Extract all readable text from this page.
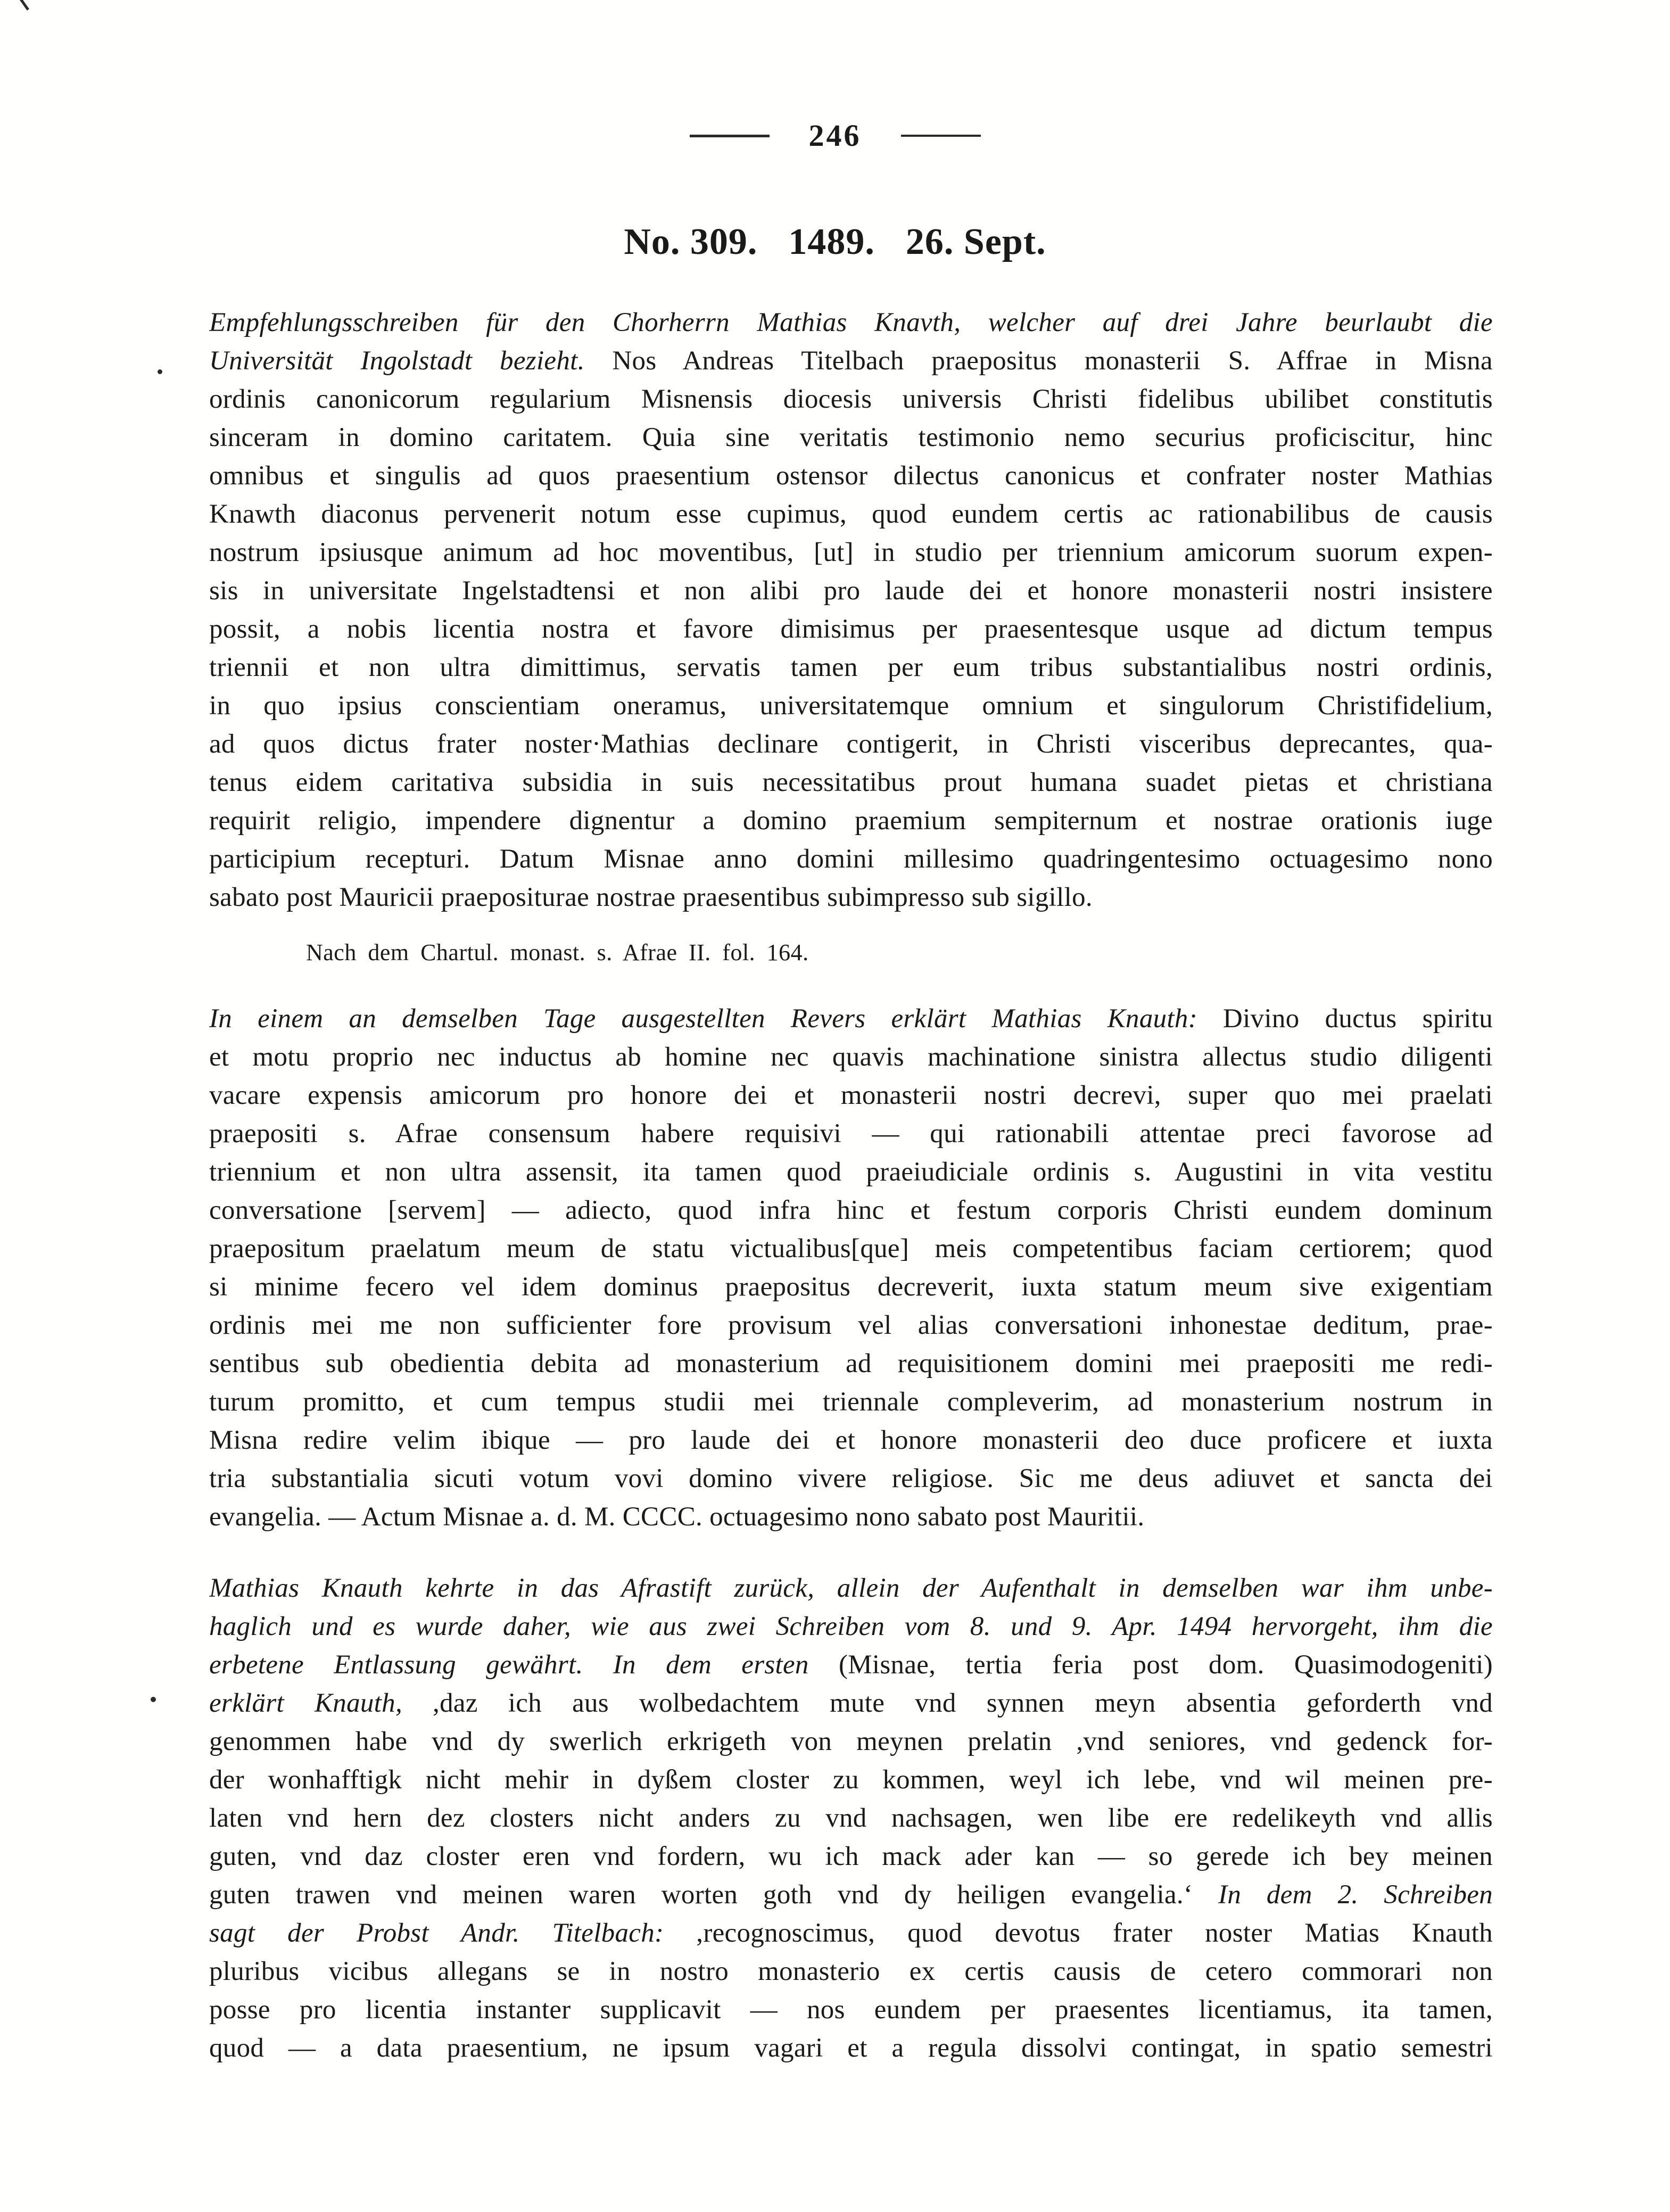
246
No. 309. 1489. 26. Sept.
Empfehlungsschreiben für den Chorherrn Mathias Knavth, welcher auf drei Jahre beurlaubt die
Universität Ingolstadt bezieht. Nos Andreas Titelbach praepositus monasterii S. Affrae in Misna
ordinis canonicorum regularium Misnensis diocesis universis Christi fidelibus ubilibet constitutis
sinceram in domino caritatem. Quia sine veritatis testimonio nemo securius proficiscitur, hinc
omnibus et singulis ad quos praesentium ostensor dilectus canonicus et confrater noster Mathias
Knawth diaconus pervenerit notum esse cupimus, quod eundem certis ac rationabilibus de causis
nostrum ipsiusque animum ad hoc moventibus, [ut] in studio per triennium amicorum suorum expen-
sis in universitate Ingelstadtensi et non alibi pro laude dei et honore monasterii nostri insistere
possit, a nobis licentia nostra et favore dimisimus per praesentesque usque ad dictum tempus
triennii et non ultra dimittimus, servatis tamen per eum tribus substantialibus nostri ordinis,
in quo ipsius conscientiam oneramus, universitatemque omnium et singulorum Christifidelium,
ad quos dictus frater noster·Mathias declinare contigerit, in Christi visceribus deprecantes, qua-
tenus eidem caritativa subsidia in suis necessitatibus prout humana suadet pietas et christiana
requirit religio, impendere dignentur a domino praemium sempiternum et nostrae orationis iuge
participium recepturi. Datum Misnae anno domini millesimo quadringentesimo octuagesimo nono
sabato post Mauricii praepositurae nostrae praesentibus subimpresso sub sigillo.
Nach dem Chartul. monast. s. Afrae II. fol. 164.
In einem an demselben Tage ausgestellten Revers erklärt Mathias Knauth: Divino ductus spiritu
et motu proprio nec inductus ab homine nec quavis machinatione sinistra allectus studio diligenti
vacare expensis amicorum pro honore dei et monasterii nostri decrevi, super quo mei praelati
praepositi s. Afrae consensum habere requisivi — qui rationabili attentae preci favorose ad
triennium et non ultra assensit, ita tamen quod praeiudiciale ordinis s. Augustini in vita vestitu
conversatione [servem] — adiecto, quod infra hinc et festum corporis Christi eundem dominum
praepositum praelatum meum de statu victualibus[que] meis competentibus faciam certiorem; quod
si minime fecero vel idem dominus praepositus decreverit, iuxta statum meum sive exigentiam
ordinis mei me non sufficienter fore provisum vel alias conversationi inhonestae deditum, prae-
sentibus sub obedientia debita ad monasterium ad requisitionem domini mei praepositi me redi-
turum promitto, et cum tempus studii mei triennale compleverim, ad monasterium nostrum in
Misna redire velim ibique — pro laude dei et honore monasterii deo duce proficere et iuxta
tria substantialia sicuti votum vovi domino vivere religiose. Sic me deus adiuvet et sancta dei
evangelia. — Actum Misnae a. d. M. CCCC. octuagesimo nono sabato post Mauritii.
Mathias Knauth kehrte in das Afrastift zurück, allein der Aufenthalt in demselben war ihm unbe-
haglich und es wurde daher, wie aus zwei Schreiben vom 8. und 9. Apr. 1494 hervorgeht, ihm die
erbetene Entlassung gewährt. In dem ersten (Misnae, tertia feria post dom. Quasimodogeniti)
erklärt Knauth, ,daz ich aus wolbedachtem mute vnd synnen meyn absentia geforderth vnd
genommen habe vnd dy swerlich erkrigeth von meynen prelatin ,vnd seniores, vnd gedenck for-
der wonhafftigk nicht mehir in dyßem closter zu kommen, weyl ich lebe, vnd wil meinen pre-
laten vnd hern dez closters nicht anders zu vnd nachsagen, wen libe ere redelikeyth vnd allis
guten, vnd daz closter eren vnd fordern, wu ich mack ader kan — so gerede ich bey meinen
guten trawen vnd meinen waren worten goth vnd dy heiligen evangelia.‘ In dem 2. Schreiben
sagt der Probst Andr. Titelbach: ,recognoscimus, quod devotus frater noster Matias Knauth
pluribus vicibus allegans se in nostro monasterio ex certis causis de cetero commorari non
posse pro licentia instanter supplicavit — nos eundem per praesentes licentiamus, ita tamen,
quod — a data praesentium, ne ipsum vagari et a regula dissolvi contingat, in spatio semestri
